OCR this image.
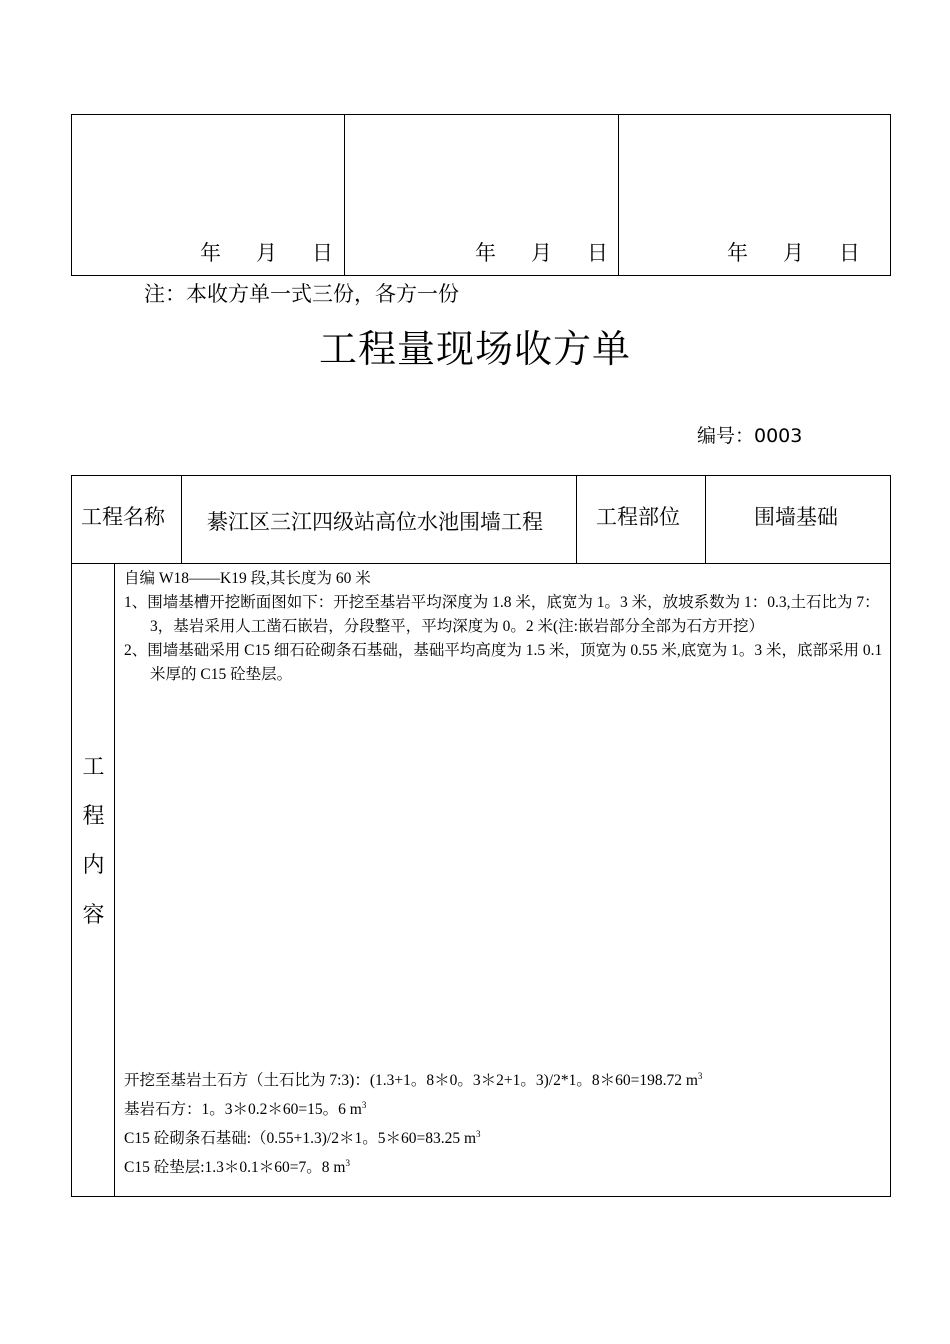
年	月	日	年	月	日	年	月	日
注：本收方单一式三份，各方一份
工程量现场收方单
编号：0003
工程名称 綦江区三江四级站高位水池围墙工程	工程部位	围墙基础
工
程
内
容

自编 W18——K19 段,其长度为 60 米

1、围墙基槽开挖断面图如下：开挖至基岩平均深度为 1.8 米，底宽为 1。3 米，放坡系数为 1：0.3,土石比为 7：3，基岩采用人工凿石嵌岩，分段整平，平均深度为 0。2 米(注:嵌岩部分全部为石方开挖）

2、围墙基础采用 C15 细石砼砌条石基础，基础平均高度为 1.5 米，顶宽为 0.55 米,底宽为 1。3 米，底部采用 0.1 米厚的 C15 砼垫层。

开挖至基岩土石方（土石比为 7:3)：(1.3+1。8＊0。3＊2+1。3)/2*1。8＊60=198.72 $m^3$

基岩石方：1。3＊0.2＊60=15。6 $m^3$

C15 砼砌条石基础:（0.55+1.3)/2＊1。5＊60=83.25 $m^3$

C15 砼垫层:1.3＊0.1＊60=7。8 $m^3$
